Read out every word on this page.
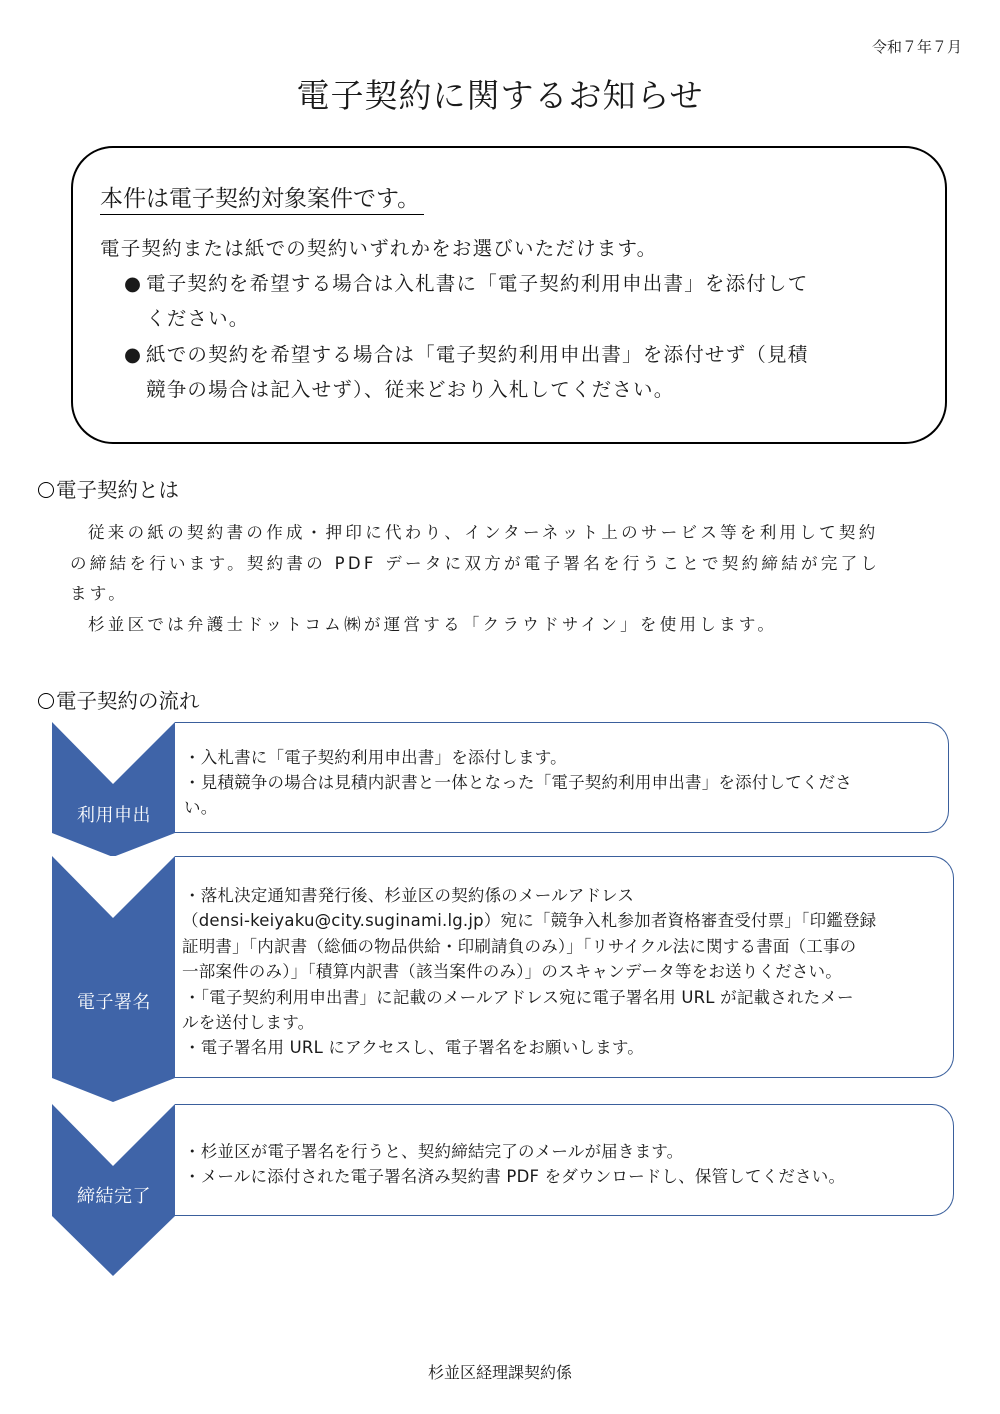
令和７年７月
電子契約に関するお知らせ
本件は電子契約対象案件です。
電子契約または紙での契約いずれかをお選びいただけます。
● 電子契約を希望する場合は入札書に「電子契約利用申出書」を添付して
ください。
● 紙での契約を希望する場合は「電子契約利用申出書」を添付せず（見積
競争の場合は記入せず）、従来どおり入札してください。
電子契約とは
従来の紙の契約書の作成・押印に代わり、インターネット上のサービス等を利用して契約
の締結を行います。契約書の PDF データに双方が電子署名を行うことで契約締結が完了し
ます。
杉並区では弁護士ドットコム㈱が運営する「クラウドサイン」を使用します。
電子契約の流れ
利用申出
電子署名
締結完了
・入札書に「電子契約利用申出書」を添付します。
・見積競争の場合は見積内訳書と一体となった「電子契約利用申出書」を添付してくださ
い。
・落札決定通知書発行後、杉並区の契約係のメールアドレス
（densi-keiyaku@city.suginami.lg.jp）宛に「競争入札参加者資格審査受付票」「印鑑登録
証明書」「内訳書（総価の物品供給・印刷請負のみ）」「リサイクル法に関する書面（工事の
一部案件のみ）」「積算内訳書（該当案件のみ）」のスキャンデータ等をお送りください。
・「電子契約利用申出書」に記載のメールアドレス宛に電子署名用 URL が記載されたメー
ルを送付します。
・電子署名用 URL にアクセスし、電子署名をお願いします。
・杉並区が電子署名を行うと、契約締結完了のメールが届きます。
・メールに添付された電子署名済み契約書 PDF をダウンロードし、保管してください。
杉並区経理課契約係
